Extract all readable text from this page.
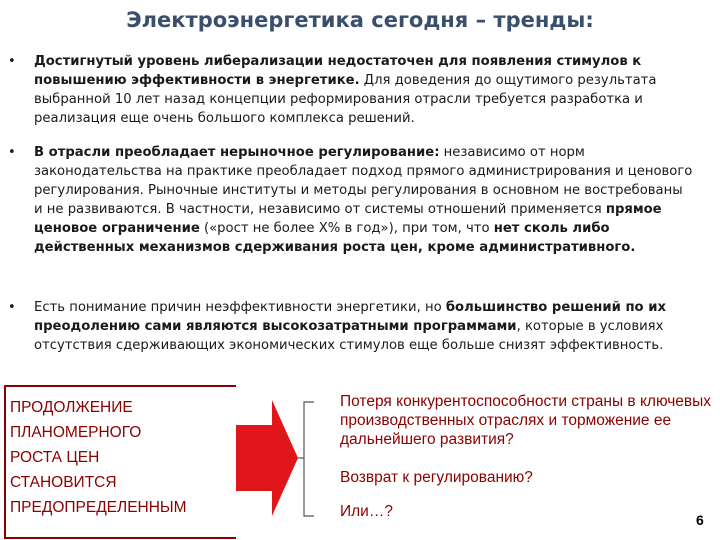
Электроэнергетика сегодня – тренды:
• Достигнутый уровень либерализации недостаточен для появления стимулов к повышению эффективности в энергетике. Для доведения до ощутимого результата выбранной 10 лет назад концепции реформирования отрасли требуется разработка и реализация еще очень большого комплекса решений.
• В отрасли преобладает нерыночное регулирование: независимо от норм законодательства на практике преобладает подход прямого администрирования и ценового регулирования. Рыночные институты и методы регулирования в основном не востребованы и не развиваются. В частности, независимо от системы отношений применяется прямое ценовое ограничение («рост не более Х% в год»), при том, что нет сколь либо действенных механизмов сдерживания роста цен, кроме административного.
• Есть понимание причин неэффективности энергетики, но большинство решений по их преодолению сами являются высокозатратными программами, которые в условиях отсутствия сдерживающих экономических стимулов еще больше снизят эффективность.
ПРОДОЛЖЕНИЕ
ПЛАНОМЕРНОГО
РОСТА ЦЕН
СТАНОВИТСЯ
ПРЕДОПРЕДЕЛЕННЫМ
Потеря конкурентоспособности страны в ключевых производственных отраслях и торможение ее дальнейшего развития?
Возврат к регулированию?
Или…?	6
